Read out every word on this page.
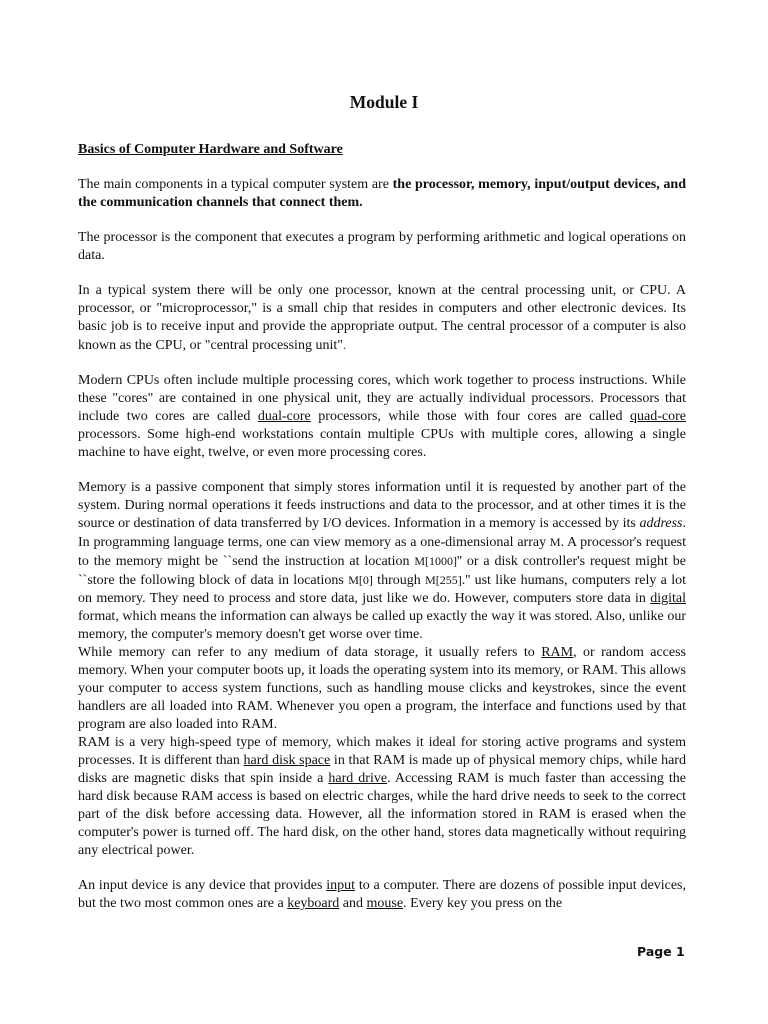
Module I
Basics of Computer Hardware and Software

The main components in a typical computer system are the processor, memory, input/output devices, and the communication channels that connect them.

The processor is the component that executes a program by performing arithmetic and logical operations on data.

In a typical system there will be only one processor, known at the central processing unit, or CPU. A processor, or "microprocessor," is a small chip that resides in computers and other electronic devices. Its basic job is to receive input and provide the appropriate output. The central processor of a computer is also known as the CPU, or "central processing unit".

Modern CPUs often include multiple processing cores, which work together to process instructions. While these "cores" are contained in one physical unit, they are actually individual processors. Processors that include two cores are called dual-core processors, while those with four cores are called quad-core processors. Some high-end workstations contain multiple CPUs with multiple cores, allowing a single machine to have eight, twelve, or even more processing cores.

Memory is a passive component that simply stores information until it is requested by another part of the system. During normal operations it feeds instructions and data to the processor, and at other times it is the source or destination of data transferred by I/O devices. Information in a memory is accessed by its address. In programming language terms, one can view memory as a one-dimensional array M. A processor's request to the memory might be ``send the instruction at location M[1000]'' or a disk controller's request might be ``store the following block of data in locations M[0] through M[255].'' ust like humans, computers rely a lot on memory. They need to process and store data, just like we do. However, computers store data in digital format, which means the information can always be called up exactly the way it was stored. Also, unlike our memory, the computer's memory doesn't get worse over time.

While memory can refer to any medium of data storage, it usually refers to RAM, or random access memory. When your computer boots up, it loads the operating system into its memory, or RAM. This allows your computer to access system functions, such as handling mouse clicks and keystrokes, since the event handlers are all loaded into RAM. Whenever you open a program, the interface and functions used by that program are also loaded into RAM.

RAM is a very high-speed type of memory, which makes it ideal for storing active programs and system processes. It is different than hard disk space in that RAM is made up of physical memory chips, while hard disks are magnetic disks that spin inside a hard drive. Accessing RAM is much faster than accessing the hard disk because RAM access is based on electric charges, while the hard drive needs to seek to the correct part of the disk before accessing data. However, all the information stored in RAM is erased when the computer's power is turned off. The hard disk, on the other hand, stores data magnetically without requiring any electrical power.

An input device is any device that provides input to a computer. There are dozens of possible input devices, but the two most common ones are a keyboard and mouse. Every key you press on the

Page 1
